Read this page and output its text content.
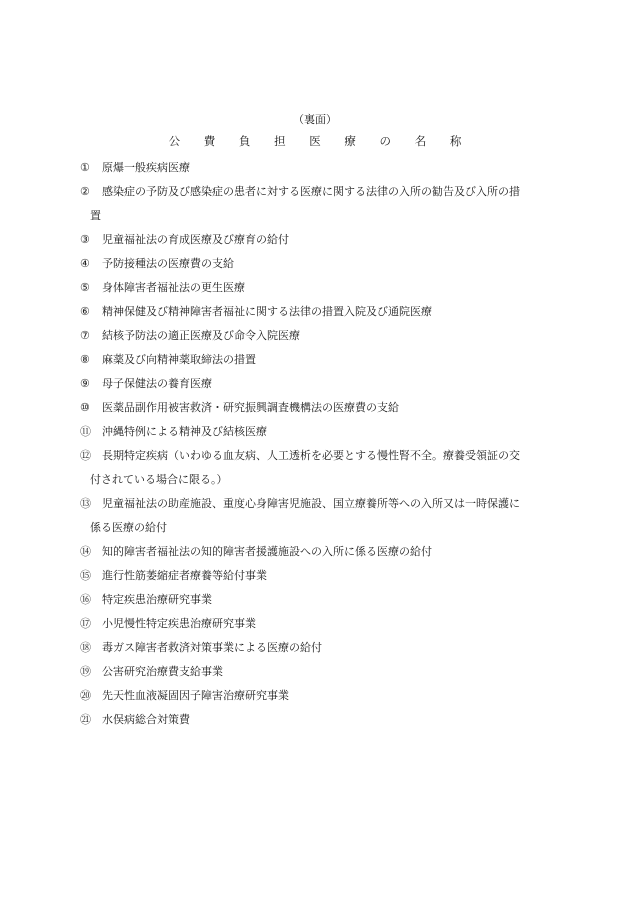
（裏面）
公 費 負 担 医 療 の 名 称
①	原爆一般疾病医療
②	感染症の予防及び感染症の患者に対する医療に関する法律の入所の勧告及び入所の措
置
③	児童福祉法の育成医療及び療育の給付
④	予防接種法の医療費の支給
⑤	身体障害者福祉法の更生医療
⑥	精神保健及び精神障害者福祉に関する法律の措置入院及び通院医療
⑦	結核予防法の適正医療及び命令入院医療
⑧	麻薬及び向精神薬取締法の措置
⑨	母子保健法の養育医療
⑩	医薬品副作用被害救済・研究振興調査機構法の医療費の支給
⑪	沖縄特例による精神及び結核医療
⑫	長期特定疾病（いわゆる血友病、人工透析を必要とする慢性腎不全。療養受領証の交
付されている場合に限る。）
⑬	児童福祉法の助産施設、重度心身障害児施設、国立療養所等への入所又は一時保護に
係る医療の給付
⑭	知的障害者福祉法の知的障害者援護施設への入所に係る医療の給付
⑮	進行性筋萎縮症者療養等給付事業
⑯	特定疾患治療研究事業
⑰	小児慢性特定疾患治療研究事業
⑱	毒ガス障害者救済対策事業による医療の給付
⑲	公害研究治療費支給事業
⑳	先天性血液凝固因子障害治療研究事業
㉑	水俣病総合対策費
